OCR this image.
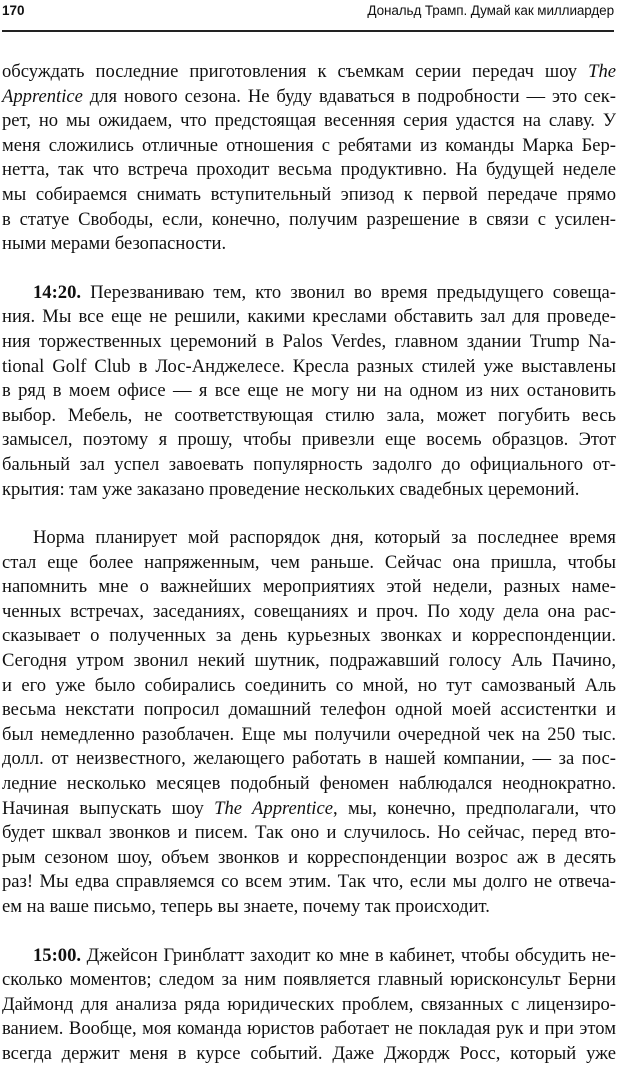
170	Дональд Трамп. Думай как миллиардер
обсуждать последние приготовления к съемкам серии передач шоу The
Apprentice для нового сезона. Не буду вдаваться в подробности — это сек-
рет, но мы ожидаем, что предстоящая весенняя серия удастся на славу. У
меня сложились отличные отношения с ребятами из команды Марка Бер-
нетта, так что встреча проходит весьма продуктивно. На будущей неделе
мы собираемся снимать вступительный эпизод к первой передаче прямо
в статуе Свободы, если, конечно, получим разрешение в связи с усилен-
ными мерами безопасности.
14:20. Перезваниваю тем, кто звонил во время предыдущего совеща-
ния. Мы все еще не решили, какими креслами обставить зал для проведе-
ния торжественных церемоний в Palos Verdes, главном здании Trump Na-
tional Golf Club в Лос-Анджелесе. Кресла разных стилей уже выставлены
в ряд в моем офисе — я все еще не могу ни на одном из них остановить
выбор. Мебель, не соответствующая стилю зала, может погубить весь
замысел, поэтому я прошу, чтобы привезли еще восемь образцов. Этот
бальный зал успел завоевать популярность задолго до официального от-
крытия: там уже заказано проведение нескольких свадебных церемоний.
Норма планирует мой распорядок дня, который за последнее время
стал еще более напряженным, чем раньше. Сейчас она пришла, чтобы
напомнить мне о важнейших мероприятиях этой недели, разных наме-
ченных встречах, заседаниях, совещаниях и проч. По ходу дела она рас-
сказывает о полученных за день курьезных звонках и корреспонденции.
Сегодня утром звонил некий шутник, подражавший голосу Аль Пачино,
и его уже было собирались соединить со мной, но тут самозваный Аль
весьма некстати попросил домашний телефон одной моей ассистентки и
был немедленно разоблачен. Еще мы получили очередной чек на 250 тыс.
долл. от неизвестного, желающего работать в нашей компании, — за пос-
ледние несколько месяцев подобный феномен наблюдался неоднократно.
Начиная выпускать шоу The Apprentice, мы, конечно, предполагали, что
будет шквал звонков и писем. Так оно и случилось. Но сейчас, перед вто-
рым сезоном шоу, объем звонков и корреспонденции возрос аж в десять
раз! Мы едва справляемся со всем этим. Так что, если мы долго не отвеча-
ем на ваше письмо, теперь вы знаете, почему так происходит.
15:00. Джейсон Гринблатт заходит ко мне в кабинет, чтобы обсудить не-
сколько моментов; следом за ним появляется главный юрисконсульт Берни
Даймонд для анализа ряда юридических проблем, связанных с лицензиро-
ванием. Вообще, моя команда юристов работает не покладая рук и при этом
всегда держит меня в курсе событий. Даже Джордж Росс, который уже
